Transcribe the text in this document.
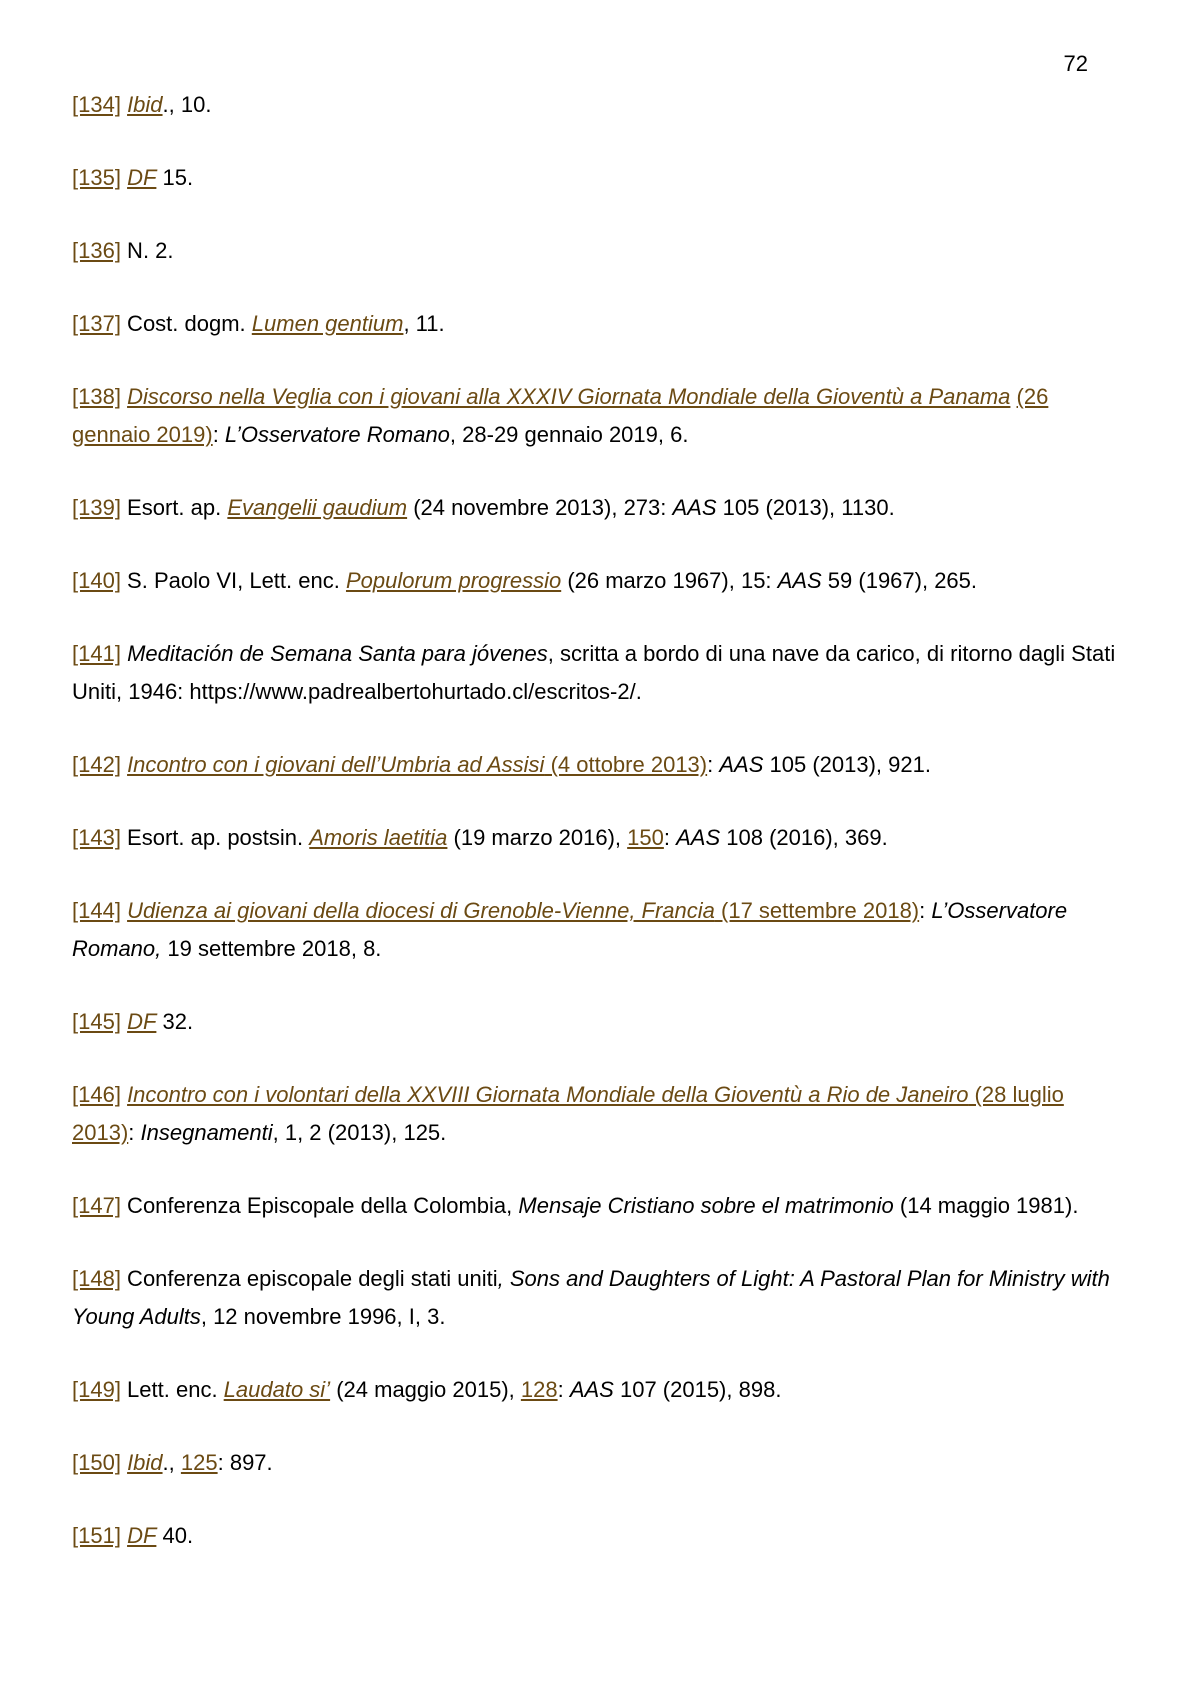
72

[134] Ibid., 10.

[135] DF 15.

[136] N. 2.

[137] Cost. dogm. Lumen gentium, 11.

[138] Discorso nella Veglia con i giovani alla XXXIV Giornata Mondiale della Gioventù a Panama (26 gennaio 2019): L’Osservatore Romano, 28-29 gennaio 2019, 6.

[139] Esort. ap. Evangelii gaudium (24 novembre 2013), 273: AAS 105 (2013), 1130.

[140] S. Paolo VI, Lett. enc. Populorum progressio (26 marzo 1967), 15: AAS 59 (1967), 265.

[141] Meditación de Semana Santa para jóvenes, scritta a bordo di una nave da carico, di ritorno dagli Stati Uniti, 1946: https://www.padrealbertohurtado.cl/escritos-2/.

[142] Incontro con i giovani dell’Umbria ad Assisi (4 ottobre 2013): AAS 105 (2013), 921.

[143] Esort. ap. postsin. Amoris laetitia (19 marzo 2016), 150: AAS 108 (2016), 369.

[144] Udienza ai giovani della diocesi di Grenoble-Vienne, Francia (17 settembre 2018): L’Osservatore Romano, 19 settembre 2018, 8.

[145] DF 32.

[146] Incontro con i volontari della XXVIII Giornata Mondiale della Gioventù a Rio de Janeiro (28 luglio 2013): Insegnamenti, 1, 2 (2013), 125.

[147] Conferenza Episcopale della Colombia, Mensaje Cristiano sobre el matrimonio (14 maggio 1981).

[148] Conferenza episcopale degli stati uniti, Sons and Daughters of Light: A Pastoral Plan for Ministry with Young Adults, 12 novembre 1996, I, 3.

[149] Lett. enc. Laudato si’ (24 maggio 2015), 128: AAS 107 (2015), 898.

[150] Ibid., 125: 897.

[151] DF 40.
